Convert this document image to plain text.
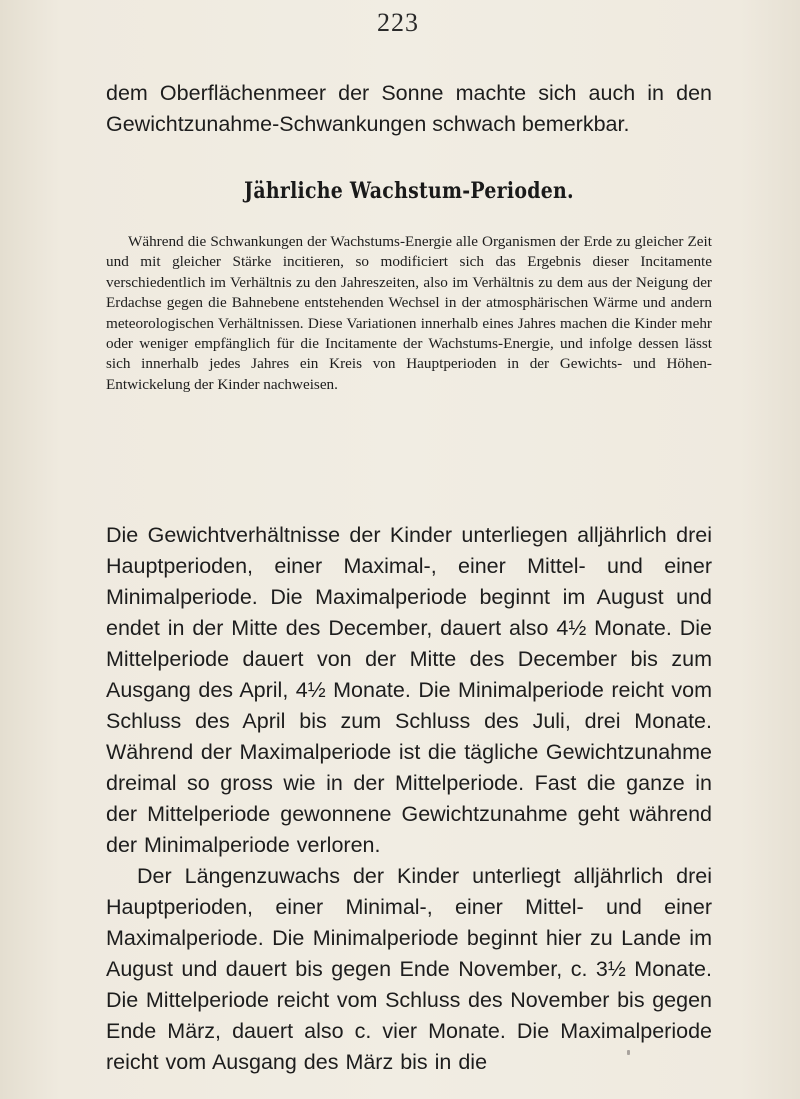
223

dem Oberflächenmeer der Sonne machte sich auch in den Gewichtzunahme-Schwankungen schwach bemerkbar.

Jährliche Wachstum-Perioden.

Während die Schwankungen der Wachstums-Energie alle Organismen der Erde zu gleicher Zeit und mit gleicher Stärke incitieren, so modificiert sich das Ergebnis dieser Incitamente verschiedentlich im Verhältnis zu den Jahreszeiten, also im Verhältnis zu dem aus der Neigung der Erdachse gegen die Bahnebene entstehenden Wechsel in der atmosphärischen Wärme und andern meteorologischen Verhältnissen. Diese Variationen innerhalb eines Jahres machen die Kinder mehr oder weniger empfänglich für die Incitamente der Wachstums-Energie, und infolge dessen lässt sich innerhalb jedes Jahres ein Kreis von Hauptperioden in der Gewichts- und Höhen-Entwickelung der Kinder nachweisen.

Die Gewichtverhältnisse der Kinder unterliegen alljährlich drei Hauptperioden, einer Maximal-, einer Mittel- und einer Minimalperiode. Die Maximalperiode beginnt im August und endet in der Mitte des December, dauert also 4½ Monate. Die Mittelperiode dauert von der Mitte des December bis zum Ausgang des April, 4½ Monate. Die Minimalperiode reicht vom Schluss des April bis zum Schluss des Juli, drei Monate. Während der Maximalperiode ist die tägliche Gewichtzunahme dreimal so gross wie in der Mittelperiode. Fast die ganze in der Mittelperiode gewonnene Gewichtzunahme geht während der Minimalperiode verloren.

Der Längenzuwachs der Kinder unterliegt alljährlich drei Hauptperioden, einer Minimal-, einer Mittel- und einer Maximalperiode. Die Minimalperiode beginnt hier zu Lande im August und dauert bis gegen Ende November, c. 3½ Monate. Die Mittelperiode reicht vom Schluss des November bis gegen Ende März, dauert also c. vier Monate. Die Maximalperiode reicht vom Ausgang des März bis in die
